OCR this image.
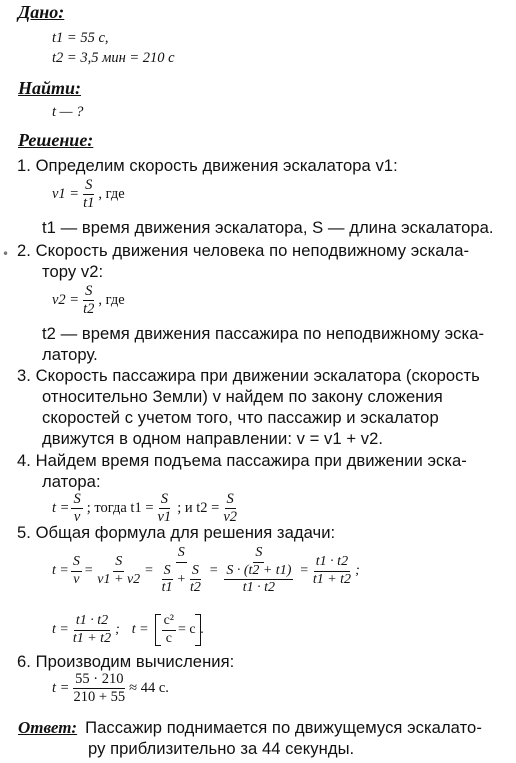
•
Дано:
t1 = 55 с,
t2 = 3,5 мин = 210 с
Найти:
t — ?
Решение:
1. Определим скорость движения эскалатора v1:
$v1 = \frac{S}{t1}$ , где
t1 — время движения эскалатора, S — длина эскалатора.
2. Скорость движения человека по неподвижному эскала-
тору v2:
$v2 = \frac{S}{t2}$ , где
t2 — время движения пассажира по неподвижному эска-
латору.
3. Скорость пассажира при движении эскалатора (скорость
относительно Земли) v найдем по закону сложения
скоростей с учетом того, что пассажир и эскалатор
движутся в одном направлении: v = v1 + v2.
4. Найдем время подъема пассажира при движении эска-
латора:
$t = \frac{S}{v}$ ; тогда $t1 = \frac{S}{v1}$ ; и $t2 = \frac{S}{v2}$
5. Общая формула для решения задачи:
$t = \frac{S}{v} = \frac{S}{v1 + v2}$ =
S
$\frac{S}{t1} + \frac{S}{t2} = \frac{S}{\frac{S \cdot (t2 + t1)}{t1 \cdot t2}} = \frac{t1 \cdot t2}{t1 + t2}$ ;
$t = \frac{t1 \cdot t2}{t1 + t2}$ ; $t = \frac{\text{c²}}{c} = c$ .
6. Производим вычисления:
$t = \frac{55 \cdot 210}{210 + 55} \approx 44$ с.
Ответ: Пассажир поднимается по движущемуся эскалато-
ру приблизительно за 44 секунды.
